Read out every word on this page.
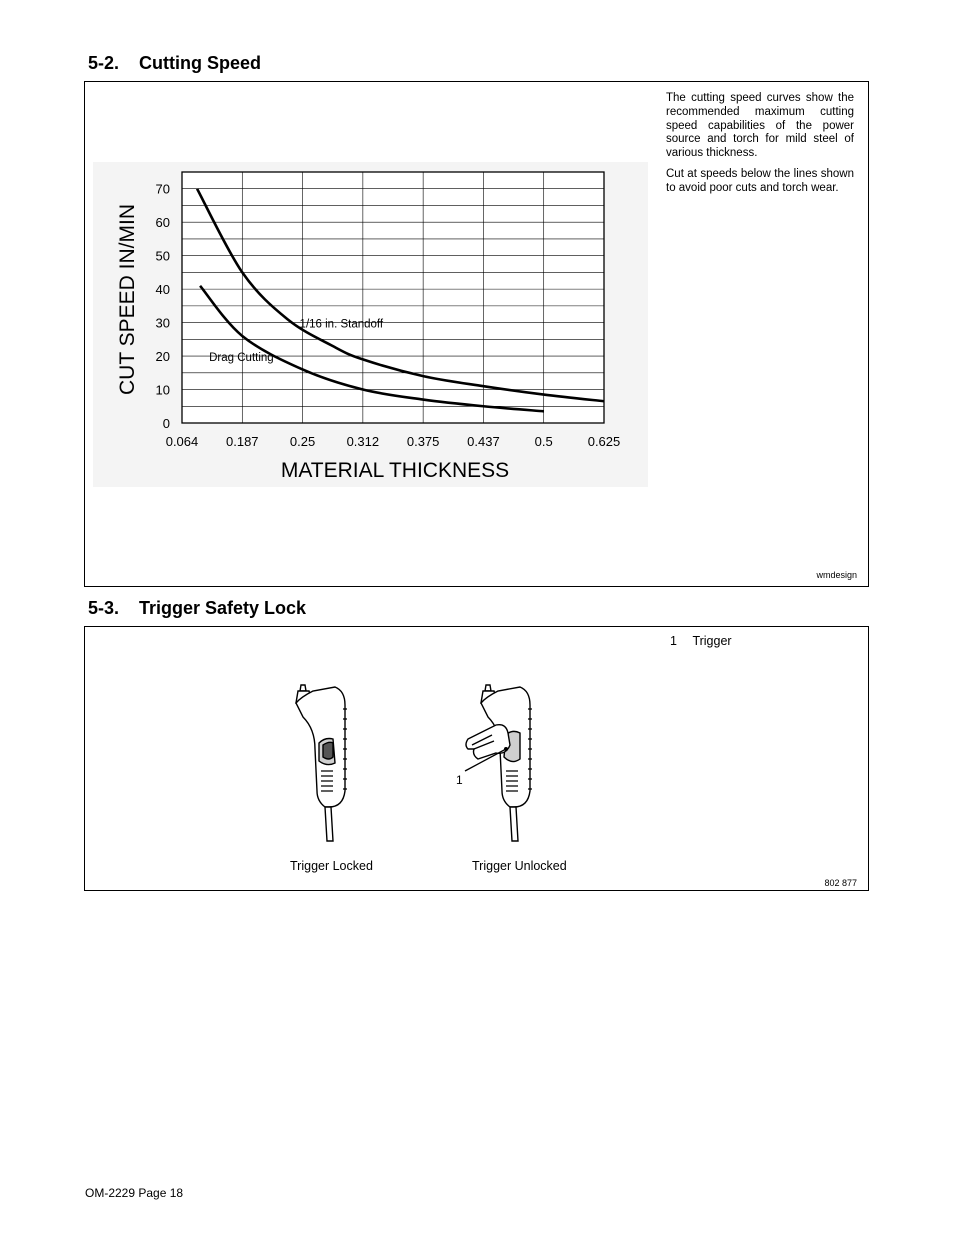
5-2. Cutting Speed
0
10
20
30
40
50
60
70
0.064 0.187 0.25 0.312 0.375 0.437	0.5	0.625
CUT SPEED IN/MIN
MATERIAL THICKNESS
1/16 in. Standoff
Drag Cutting

The cutting speed curves show the recommended maximum cutting speed capabilities of the power source and torch for mild steel of various thickness.

Cut at speeds below the lines shown to avoid poor cuts and torch wear.

wmdesign
5-3. Trigger Safety Lock
1 Trigger
1
Trigger Locked	Trigger Unlocked
802 877
OM-2229 Page 18
